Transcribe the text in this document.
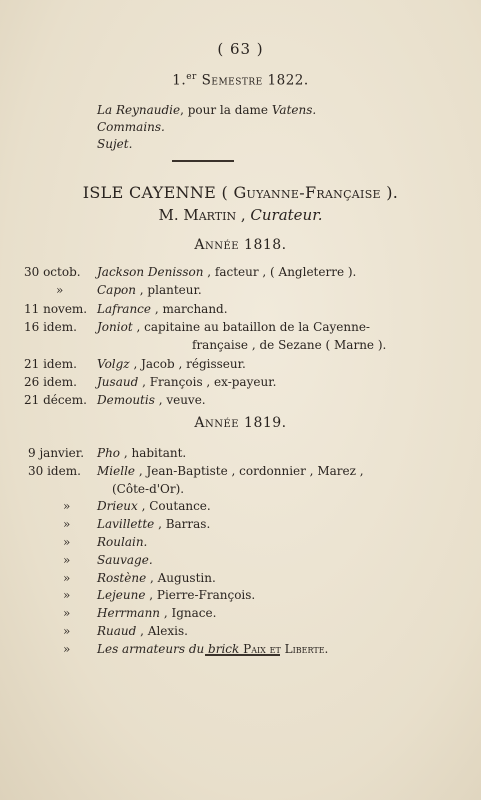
( 63 )
1.$^{er}$ Semestre 1822.
La Reynaudie, pour la dame Vatens.
Commains.
Sujet.
ISLE CAYENNE ( Guyanne-Française ).
M. Martin , Curateur.
Année 1818.
30 octob. Jackson Denisson , facteur , ( Angleterre ).
»	Capon , planteur.
11 novem. Lafrance , marchand.
16 idem. Joniot , capitaine au bataillon de la Cayenne-
française , de Sezane ( Marne ).
21 idem. Volgz , Jacob , régisseur.
26 idem. Jusaud , François , ex-payeur.
21 décem. Demoutis , veuve.
Année 1819.
9 janvier. Pho , habitant.
30 idem. Mielle , Jean-Baptiste , cordonnier , Marez ,
(Côte-d'Or).
» Drieux , Coutance.
» Lavillette , Barras.
» Roulain.
» Sauvage.
» Rostène , Augustin.
» Lejeune , Pierre-François.
» Herrmann , Ignace.
» Ruaud , Alexis.
» Les armateurs du brick Paix et Liberte.
